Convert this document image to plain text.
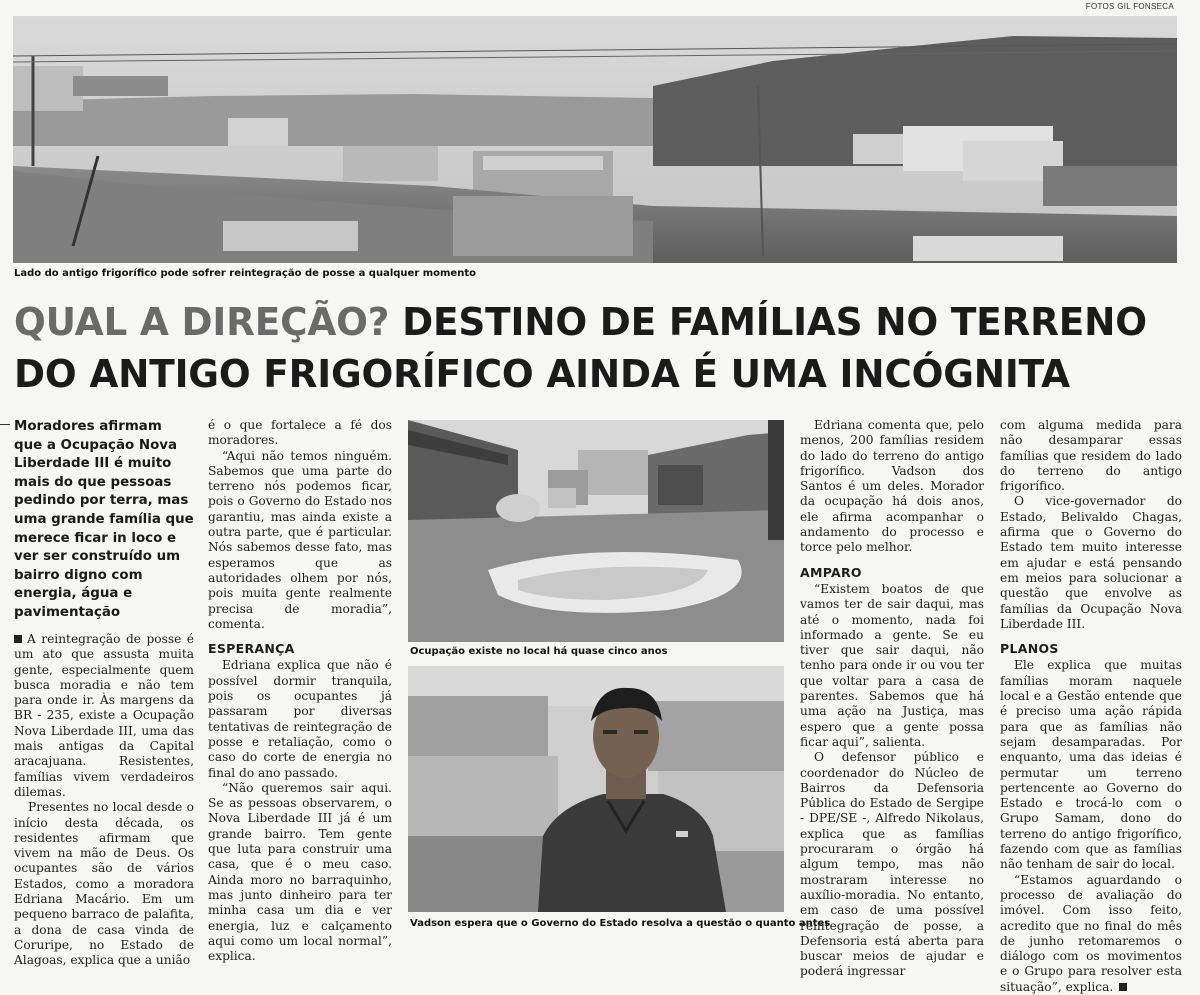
FOTOS GIL FONSECA
Lado do antigo frigorífico pode sofrer reintegração de posse a qualquer momento
QUAL A DIREÇÃO? DESTINO DE FAMÍLIAS NO TERRENO
DO ANTIGO FRIGORÍFICO AINDA É UMA INCÓGNITA
Moradores afirmam que a Ocupação Nova Liberdade III é muito mais do que pessoas pedindo por terra, mas uma grande família que merece ficar in loco e ver ser construído um bairro digno com energia, água e pavimentação

A reintegração de posse é um ato que assusta muita gente, especialmente quem busca moradia e não tem para onde ir. Às margens da BR - 235, existe a Ocupação Nova Liberdade III, uma das mais antigas da Capital aracajuana. Resistentes, famílias vivem verdadeiros dilemas.

Presentes no local desde o início desta década, os residentes afirmam que vivem na mão de Deus. Os ocupantes são de vários Estados, como a moradora Edriana Macário. Em um pequeno barraco de palafita, a dona de casa vinda de Coruripe, no Estado de Alagoas, explica que a união

é o que fortalece a fé dos moradores.

“Aqui não temos ninguém. Sabemos que uma parte do terreno nós podemos ficar, pois o Governo do Estado nos garantiu, mas ainda existe a outra parte, que é particular. Nós sabemos desse fato, mas esperamos que as autoridades olhem por nós, pois muita gente realmente precisa de moradia”, comenta.

ESPERANÇA

Edriana explica que não é possível dormir tranquila, pois os ocupantes já passaram por diversas tentativas de reintegração de posse e retaliação, como o caso do corte de energia no final do ano passado.

“Não queremos sair aqui. Se as pessoas observarem, o Nova Liberdade III já é um grande bairro. Tem gente que luta para construir uma casa, que é o meu caso. Ainda moro no barraquinho, mas junto dinheiro para ter minha casa um dia e ver energia, luz e calçamento aqui como um local normal”, explica.

Ocupação existe no local há quase cinco anos
Vadson espera que o Governo do Estado resolva a questão o quanto antes

Edriana comenta que, pelo menos, 200 famílias residem do lado do terreno do antigo frigorífico. Vadson dos Santos é um deles. Morador da ocupação há dois anos, ele afirma acompanhar o andamento do processo e torce pelo melhor.

AMPARO

“Existem boatos de que vamos ter de sair daqui, mas até o momento, nada foi informado a gente. Se eu tiver que sair daqui, não tenho para onde ir ou vou ter que voltar para a casa de parentes. Sabemos que há uma ação na Justiça, mas espero que a gente possa ficar aqui”, salienta.

O defensor público e coordenador do Núcleo de Bairros da Defensoria Pública do Estado de Sergipe - DPE/SE -, Alfredo Nikolaus, explica que as famílias procuraram o órgão há algum tempo, mas não mostraram interesse no auxílio-moradia. No entanto, em caso de uma possível reintegração de posse, a Defensoria está aberta para buscar meios de ajudar e poderá ingressar

com alguma medida para não desamparar essas famílias que residem do lado do terreno do antigo frigorífico.

O vice-governador do Estado, Belivaldo Chagas, afirma que o Governo do Estado tem muito interesse em ajudar e está pensando em meios para solucionar a questão que envolve as famílias da Ocupação Nova Liberdade III.

PLANOS

Ele explica que muitas famílias moram naquele local e a Gestão entende que é preciso uma ação rápida para que as famílias não sejam desamparadas. Por enquanto, uma das ideias é permutar um terreno pertencente ao Governo do Estado e trocá-lo com o Grupo Samam, dono do terreno do antigo frigorífico, fazendo com que as famílias não tenham de sair do local.

“Estamos aguardando o processo de avaliação do imóvel. Com isso feito, acredito que no final do mês de junho retomaremos o diálogo com os movimentos e o Grupo para resolver esta situação”, explica.
